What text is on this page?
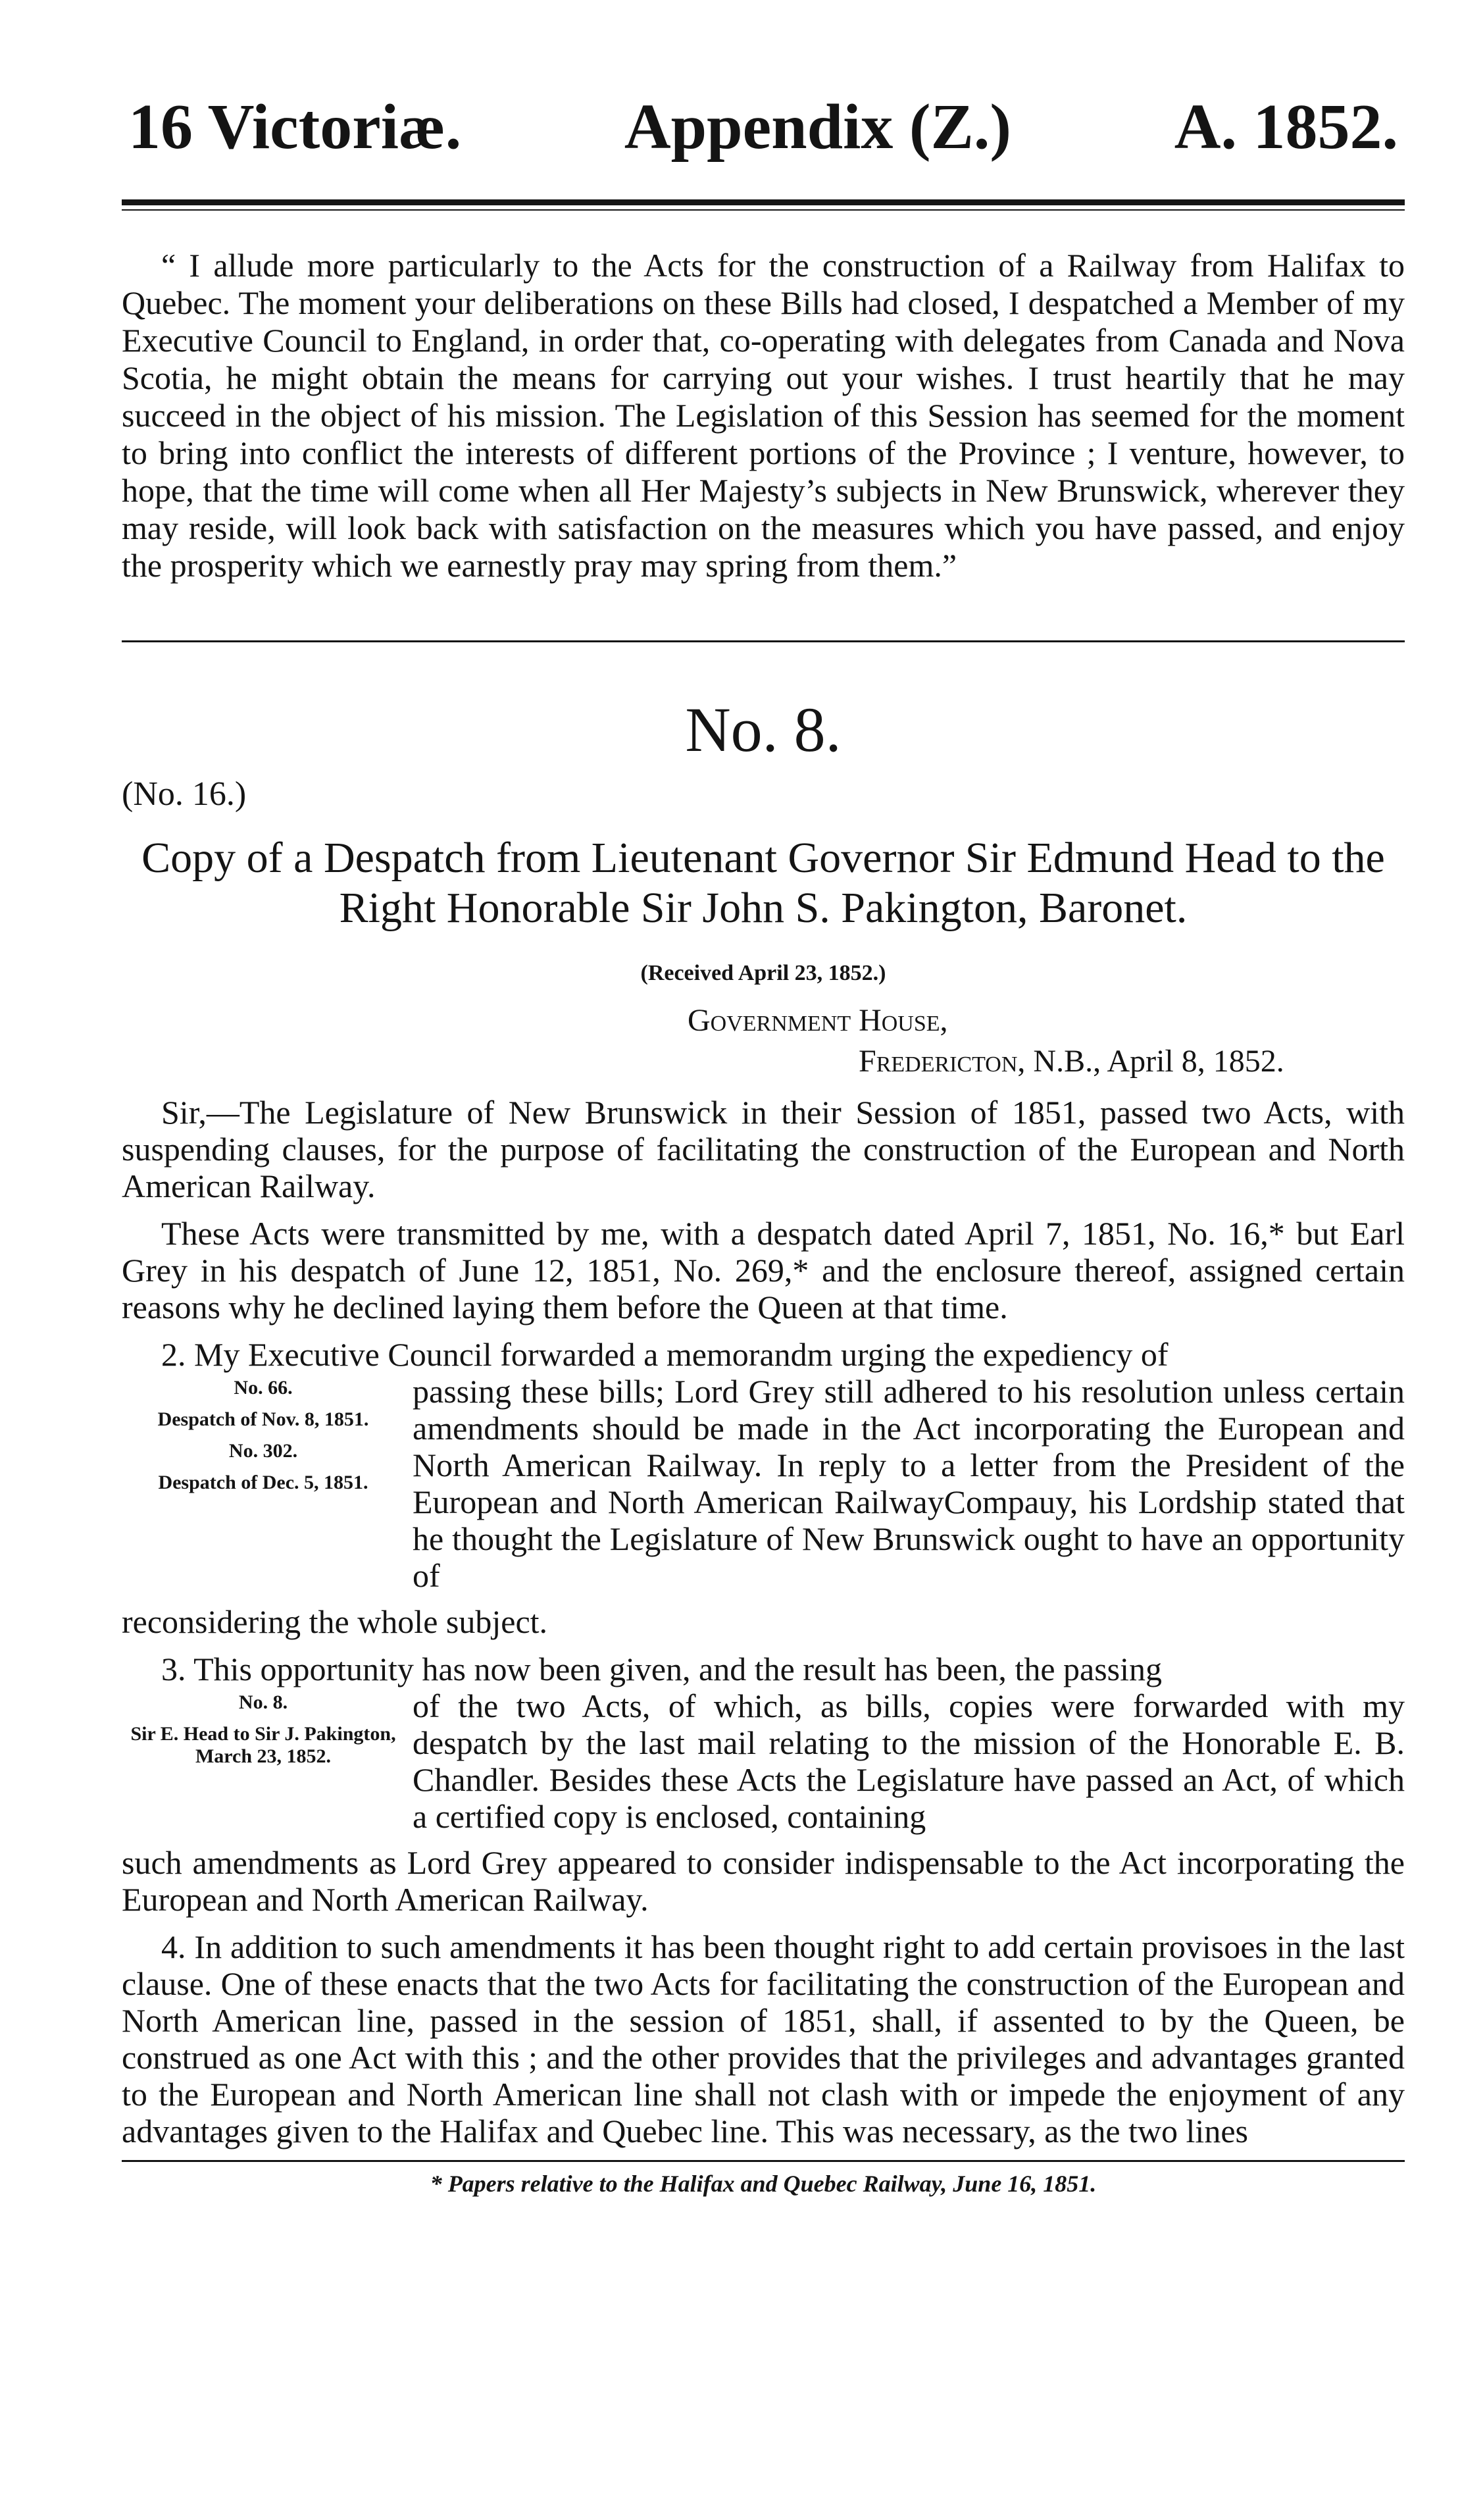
16 Victoriæ.	Appendix (Z.)	A. 1852.

“ I allude more particularly to the Acts for the construction of a Railway from Halifax to Quebec. The moment your deliberations on these Bills had closed, I despatched a Member of my Executive Council to England, in order that, co-operating with delegates from Canada and Nova Scotia, he might obtain the means for carrying out your wishes. I trust heartily that he may succeed in the object of his mission. The Legislation of this Session has seemed for the moment to bring into conflict the interests of different portions of the Province ; I venture, however, to hope, that the time will come when all Her Majesty’s subjects in New Brunswick, wherever they may reside, will look back with satisfaction on the measures which you have passed, and enjoy the prosperity which we earnestly pray may spring from them.”

No. 8.
(No. 16.)
Copy of a Despatch from Lieutenant Governor Sir Edmund Head to the
Right Honorable Sir John S. Pakington, Baronet.
(Received April 23, 1852.)
Government House,
Fredericton, N.B., April 8, 1852.

Sir,—The Legislature of New Brunswick in their Session of 1851, passed two Acts, with suspending clauses, for the purpose of facilitating the construction of the European and North American Railway.

These Acts were transmitted by me, with a despatch dated April 7, 1851, No. 16,* but Earl Grey in his despatch of June 12, 1851, No. 269,* and the enclosure thereof, assigned certain reasons why he declined laying them before the Queen at that time.

2. My Executive Council forwarded a memorandm urging the expediency of
No. 66.
Despatch of Nov. 8, 1851.
No. 302.
Despatch of Dec. 5, 1851.
passing these bills; Lord Grey still adhered to his resolution unless certain amendments should be made in the Act incorporating the European and North American Railway. In reply to a letter from the President of the European and North American RailwayCompauy, his Lordship stated that he thought the Legislature of New Brunswick ought to have an opportunity of

reconsidering the whole subject.

3. This opportunity has now been given, and the result has been, the passing
No. 8.
Sir E. Head to Sir J. Pakington, March 23, 1852.
of the two Acts, of which, as bills, copies were forwarded with my despatch by the last mail relating to the mission of the Honorable E. B. Chandler. Besides these Acts the Legislature have passed an Act, of which a certified copy is enclosed, containing

such amendments as Lord Grey appeared to consider indispensable to the Act incorporating the European and North American Railway.

4. In addition to such amendments it has been thought right to add certain provisoes in the last clause. One of these enacts that the two Acts for facilitating the construction of the European and North American line, passed in the session of 1851, shall, if assented to by the Queen, be construed as one Act with this ; and the other provides that the privileges and advantages granted to the European and North American line shall not clash with or impede the enjoyment of any advantages given to the Halifax and Quebec line. This was necessary, as the two lines

* Papers relative to the Halifax and Quebec Railway, June 16, 1851.
